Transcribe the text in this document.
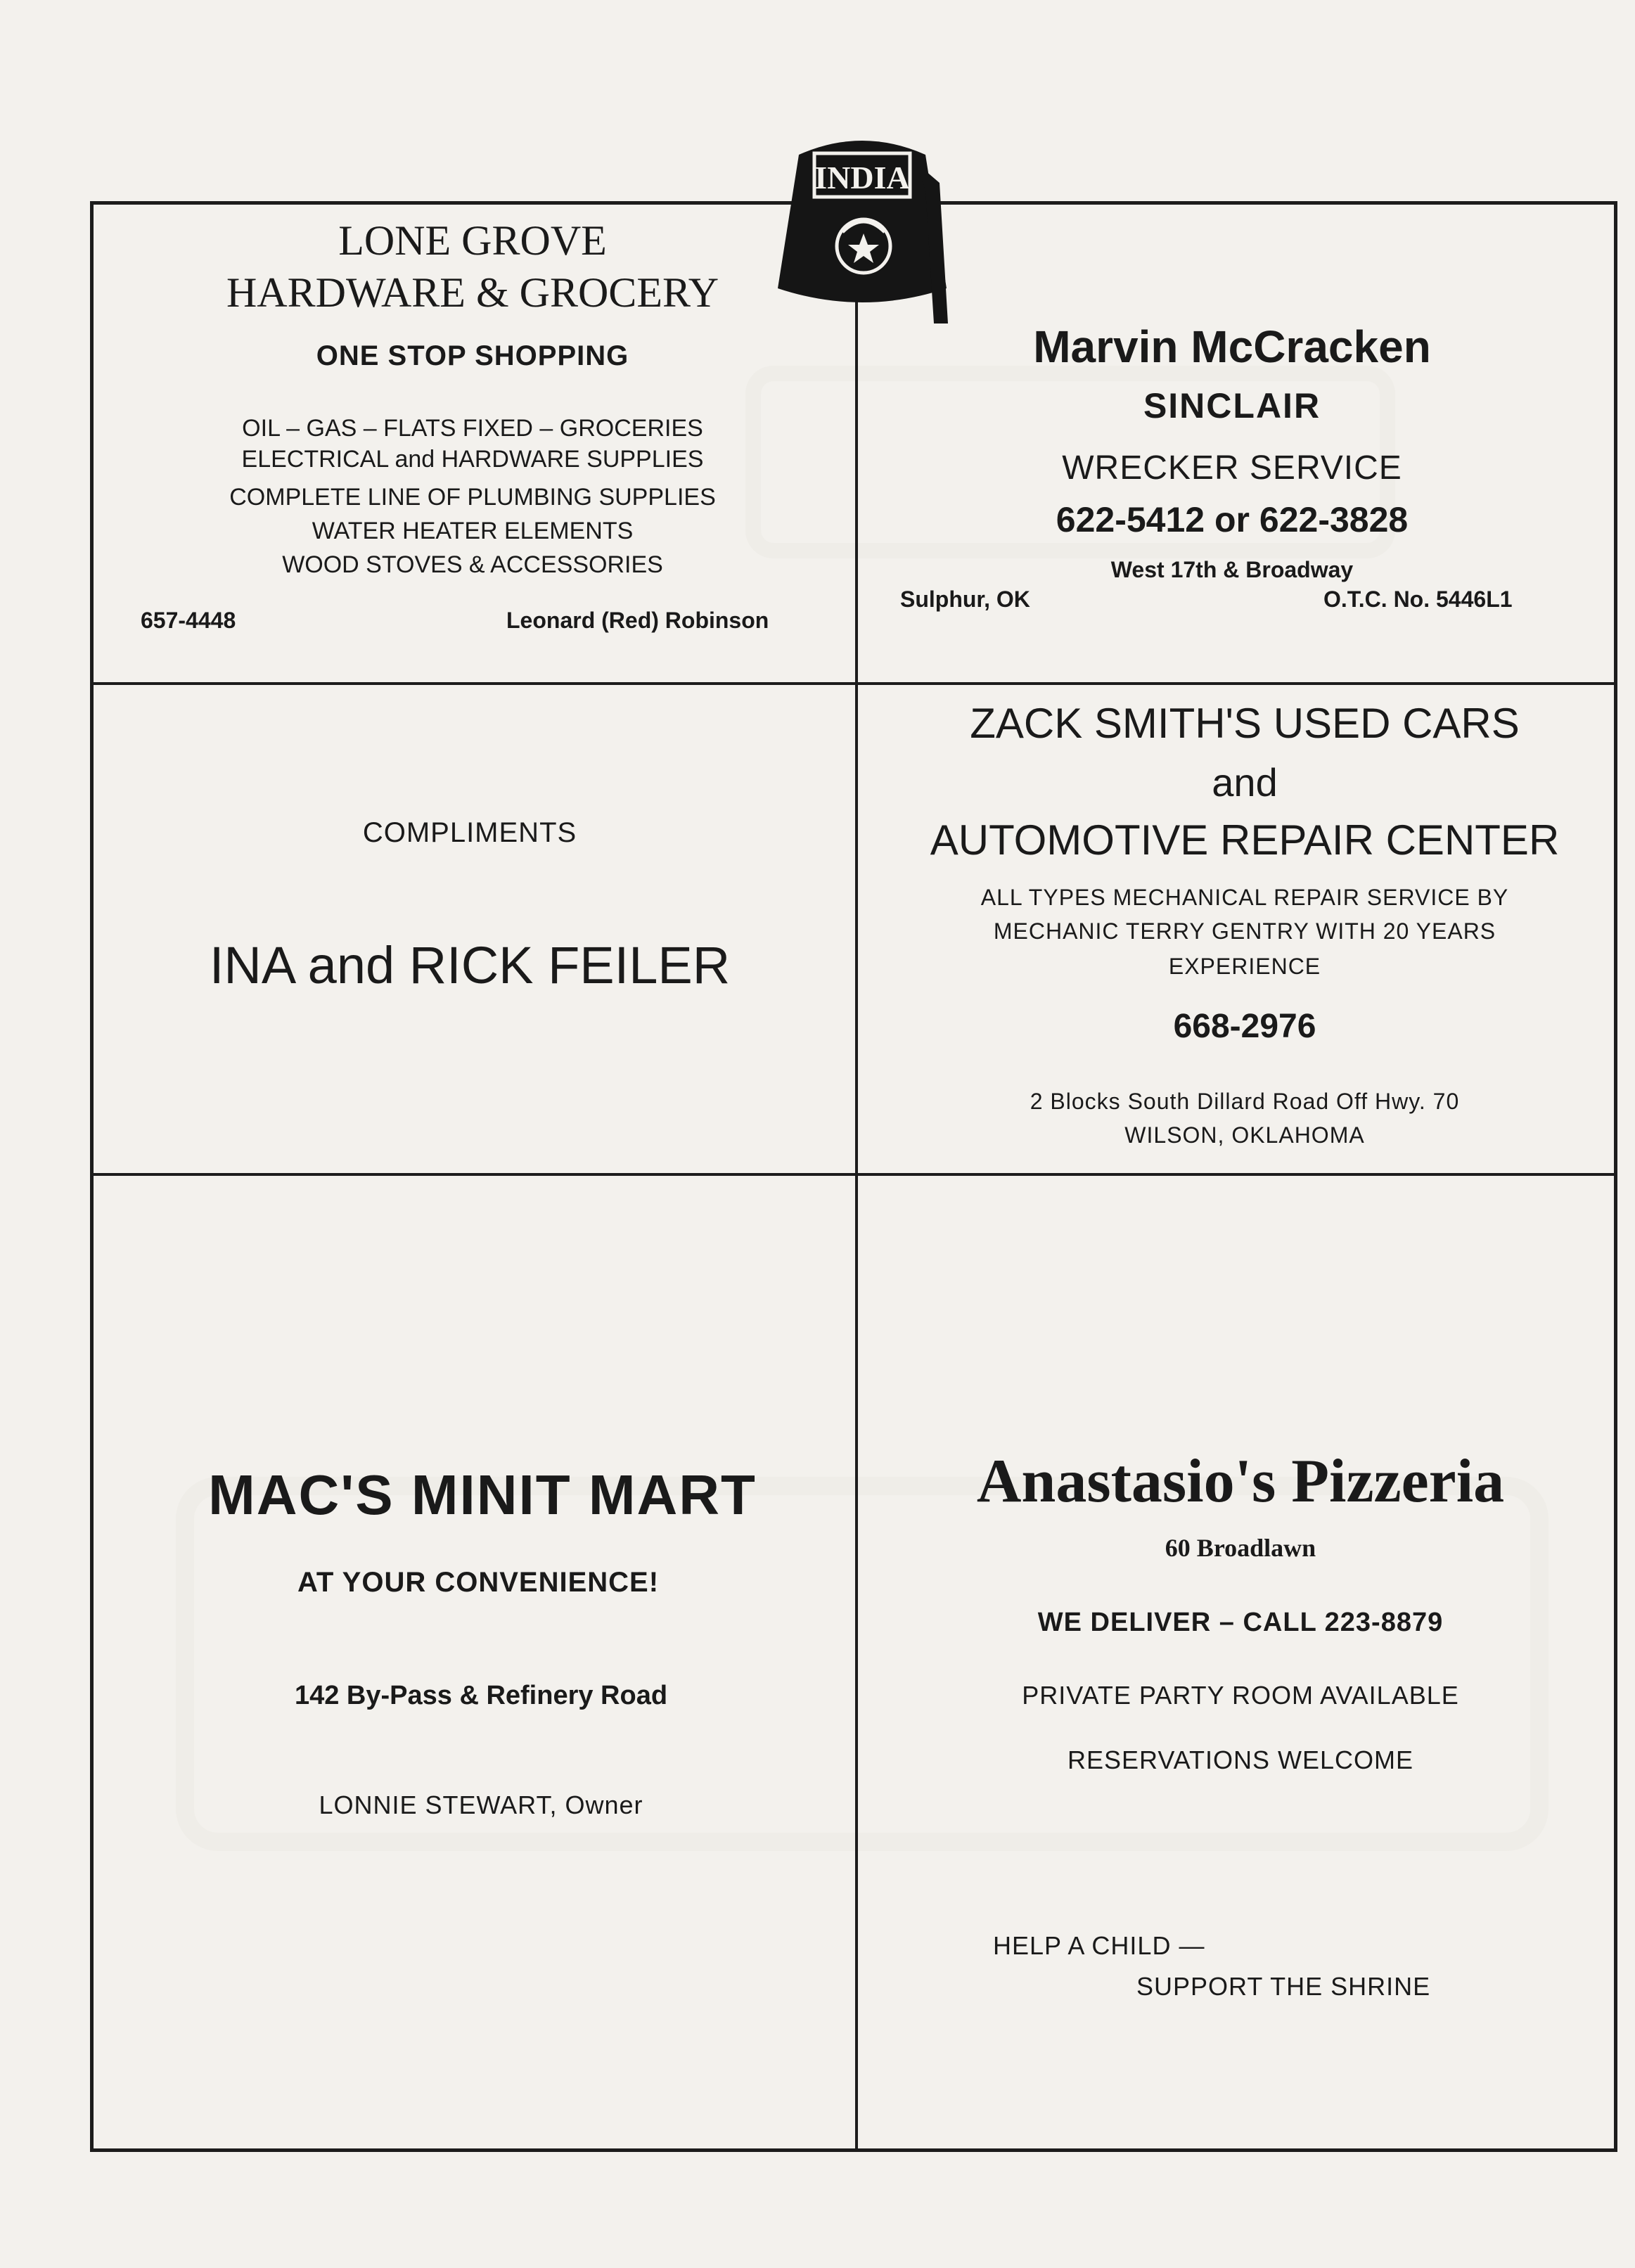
INDIA
LONE GROVE
HARDWARE & GROCERY
ONE STOP SHOPPING
OIL – GAS – FLATS FIXED – GROCERIES
ELECTRICAL and HARDWARE SUPPLIES
COMPLETE LINE OF PLUMBING SUPPLIES
WATER HEATER ELEMENTS
WOOD STOVES & ACCESSORIES
657-4448	Leonard (Red) Robinson
Marvin McCracken
SINCLAIR
WRECKER SERVICE
622-5412 or 622-3828
West 17th & Broadway
Sulphur, OK	O.T.C. No. 5446L1
COMPLIMENTS
INA and RICK FEILER
ZACK SMITH'S USED CARS
and
AUTOMOTIVE REPAIR CENTER
ALL TYPES MECHANICAL REPAIR SERVICE BY
MECHANIC TERRY GENTRY WITH 20 YEARS
EXPERIENCE
668-2976
2 Blocks South Dillard Road Off Hwy. 70
WILSON, OKLAHOMA
MAC'S MINIT MART
AT YOUR CONVENIENCE!
142 By-Pass & Refinery Road
LONNIE STEWART, Owner
Anastasio's Pizzeria
60 Broadlawn
WE DELIVER – CALL 223-8879
PRIVATE PARTY ROOM AVAILABLE
RESERVATIONS WELCOME
HELP A CHILD —
SUPPORT THE SHRINE
